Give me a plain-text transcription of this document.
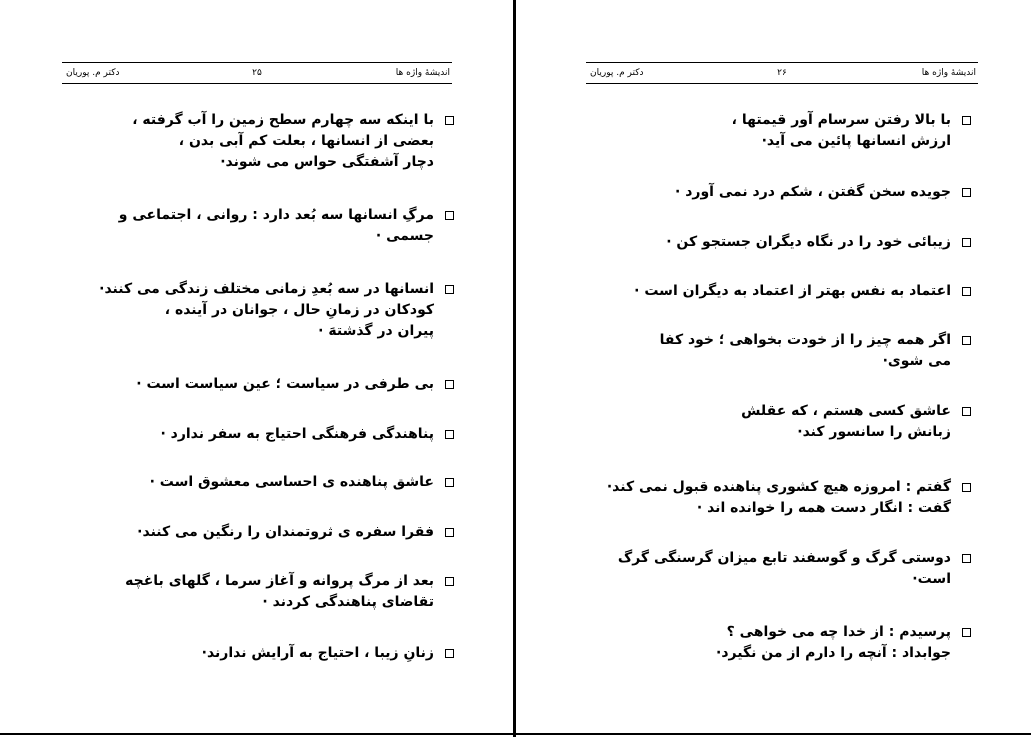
اندیشهٔ واژه ها
۲۵
دکتر م. پوریان
با اینکه سه چهارم سطح زمین را آب گرفته ،
بعضی از انسانها ، بعلت کم آبی بدن ،
دچار آشفتگی حواس می شوند·
مرگِ انسانها سه بُعد دارد : روانی ، اجتماعی و
جسمی ·
انسانها در سه بُعدِ زمانی مختلف زندگی می کنند·
کودکان در زمانِ حال ، جوانان در آینده ،
پیران در گذشتهَ ·
بی طرفی در سیاست ؛ عین سیاست است ·
پناهندگی فرهنگی احتیاج به سفر ندارد ·
عاشق پناهنده ی احساسی معشوق است ·
فقرا سفره ی ثروتمندان را رنگین می کنند·
بعد از مرگ پروانه و آغاز سرما ، گلهای باغچه
تقاضای پناهندگی کردند ·
زنانِ زیبا ، احتیاج به آرایش ندارند·
اندیشهٔ واژه ها
۲۶
دکتر م. پوریان
با بالا رفتن سرسام آور قیمتها ،
ارزش انسانها پائین می آید·
جویده سخن گفتن ، شکم درد نمی آورد ·
زیبائی خود را در نگاه دیگران جستجو کن ·
اعتماد به نفس بهتر از اعتماد به دیگران است ·
اگر همه چیز را از خودت بخواهی ؛ خود کفا
می شوی·
عاشق کسی هستم ، که عقلش
زبانش را سانسور کند·
گفتم : امروزه هیچ کشوری پناهنده قبول نمی کند·
گفت : انگار دست همه را خوانده اند ·
دوستی گرگ و گوسفند تابع میزان گرسنگی گرگ
است·
پرسیدم : از خدا چه می خواهی ؟
جوابداد : آنچه را دارم از من نگیرد·
